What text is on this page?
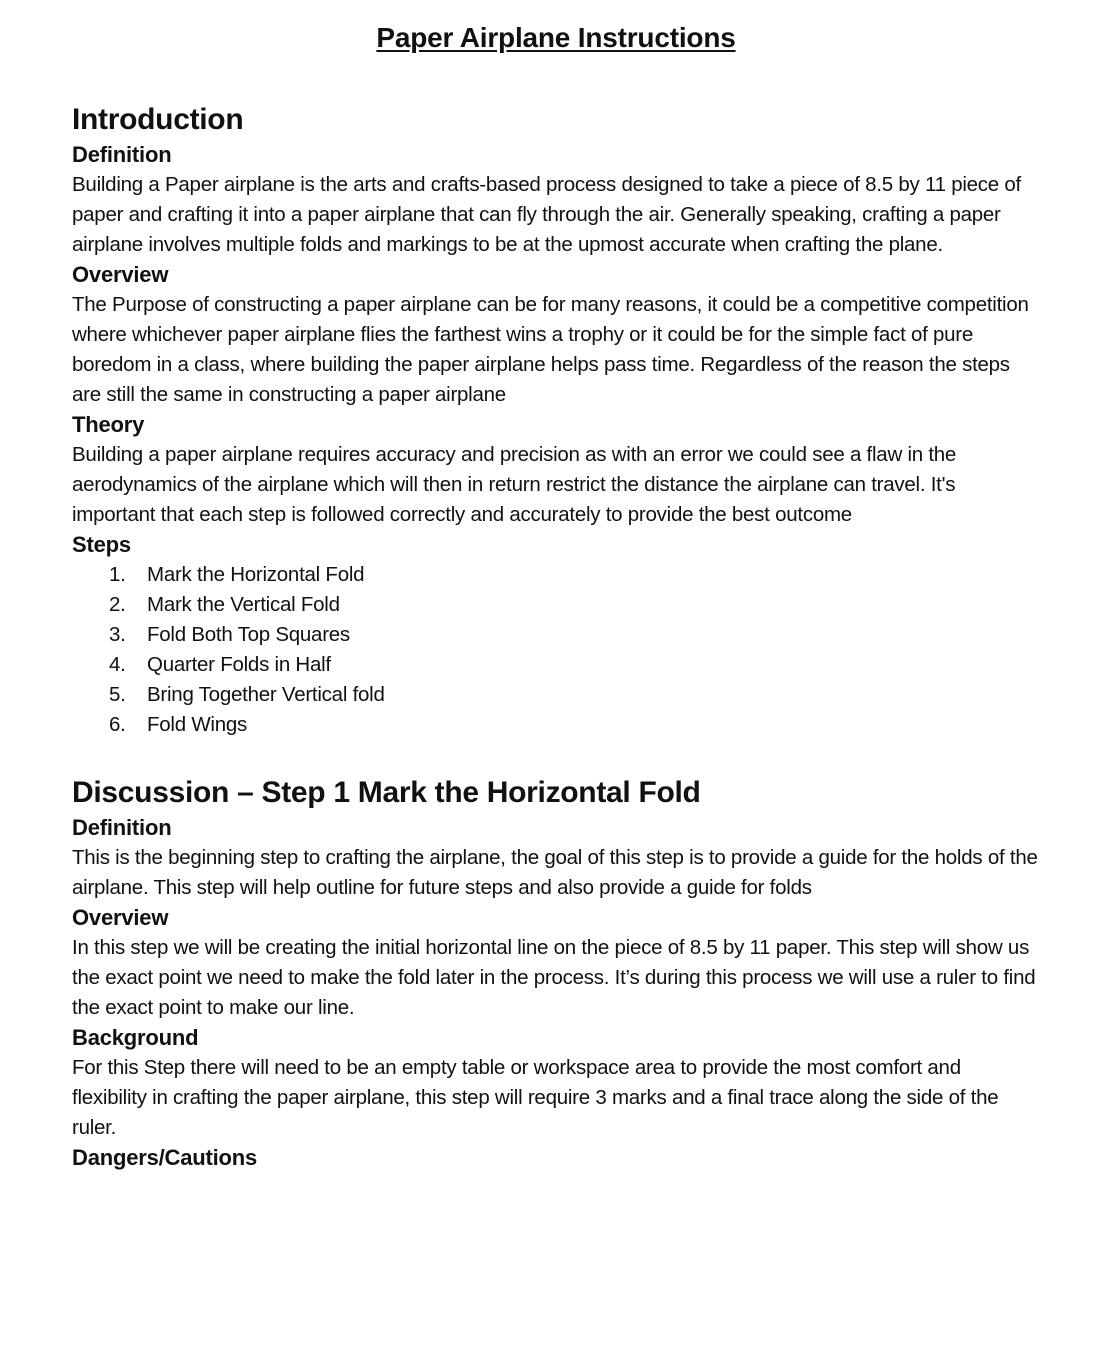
Paper Airplane Instructions
Introduction
Definition

Building a Paper airplane is the arts and crafts-based process designed to take a piece of 8.5 by 11 piece of paper and crafting it into a paper airplane that can fly through the air. Generally speaking, crafting a paper airplane involves multiple folds and markings to be at the upmost accurate when crafting the plane.

Overview

The Purpose of constructing a paper airplane can be for many reasons, it could be a competitive competition where whichever paper airplane flies the farthest wins a trophy or it could be for the simple fact of pure boredom in a class, where building the paper airplane helps pass time. Regardless of the reason the steps are still the same in constructing a paper airplane

Theory

Building a paper airplane requires accuracy and precision as with an error we could see a flaw in the aerodynamics of the airplane which will then in return restrict the distance the airplane can travel. It's important that each step is followed correctly and accurately to provide the best outcome

Steps
1.	Mark the Horizontal Fold
2.	Mark the Vertical Fold
3.	Fold Both Top Squares
4.	Quarter Folds in Half
5.	Bring Together Vertical fold
6.	Fold Wings
Discussion – Step 1 Mark the Horizontal Fold
Definition

This is the beginning step to crafting the airplane, the goal of this step is to provide a guide for the holds of the airplane. This step will help outline for future steps and also provide a guide for folds

Overview

In this step we will be creating the initial horizontal line on the piece of 8.5 by 11 paper. This step will show us the exact point we need to make the fold later in the process. It’s during this process we will use a ruler to find the exact point to make our line.

Background

For this Step there will need to be an empty table or workspace area to provide the most comfort and flexibility in crafting the paper airplane, this step will require 3 marks and a final trace along the side of the ruler.

Dangers/Cautions
